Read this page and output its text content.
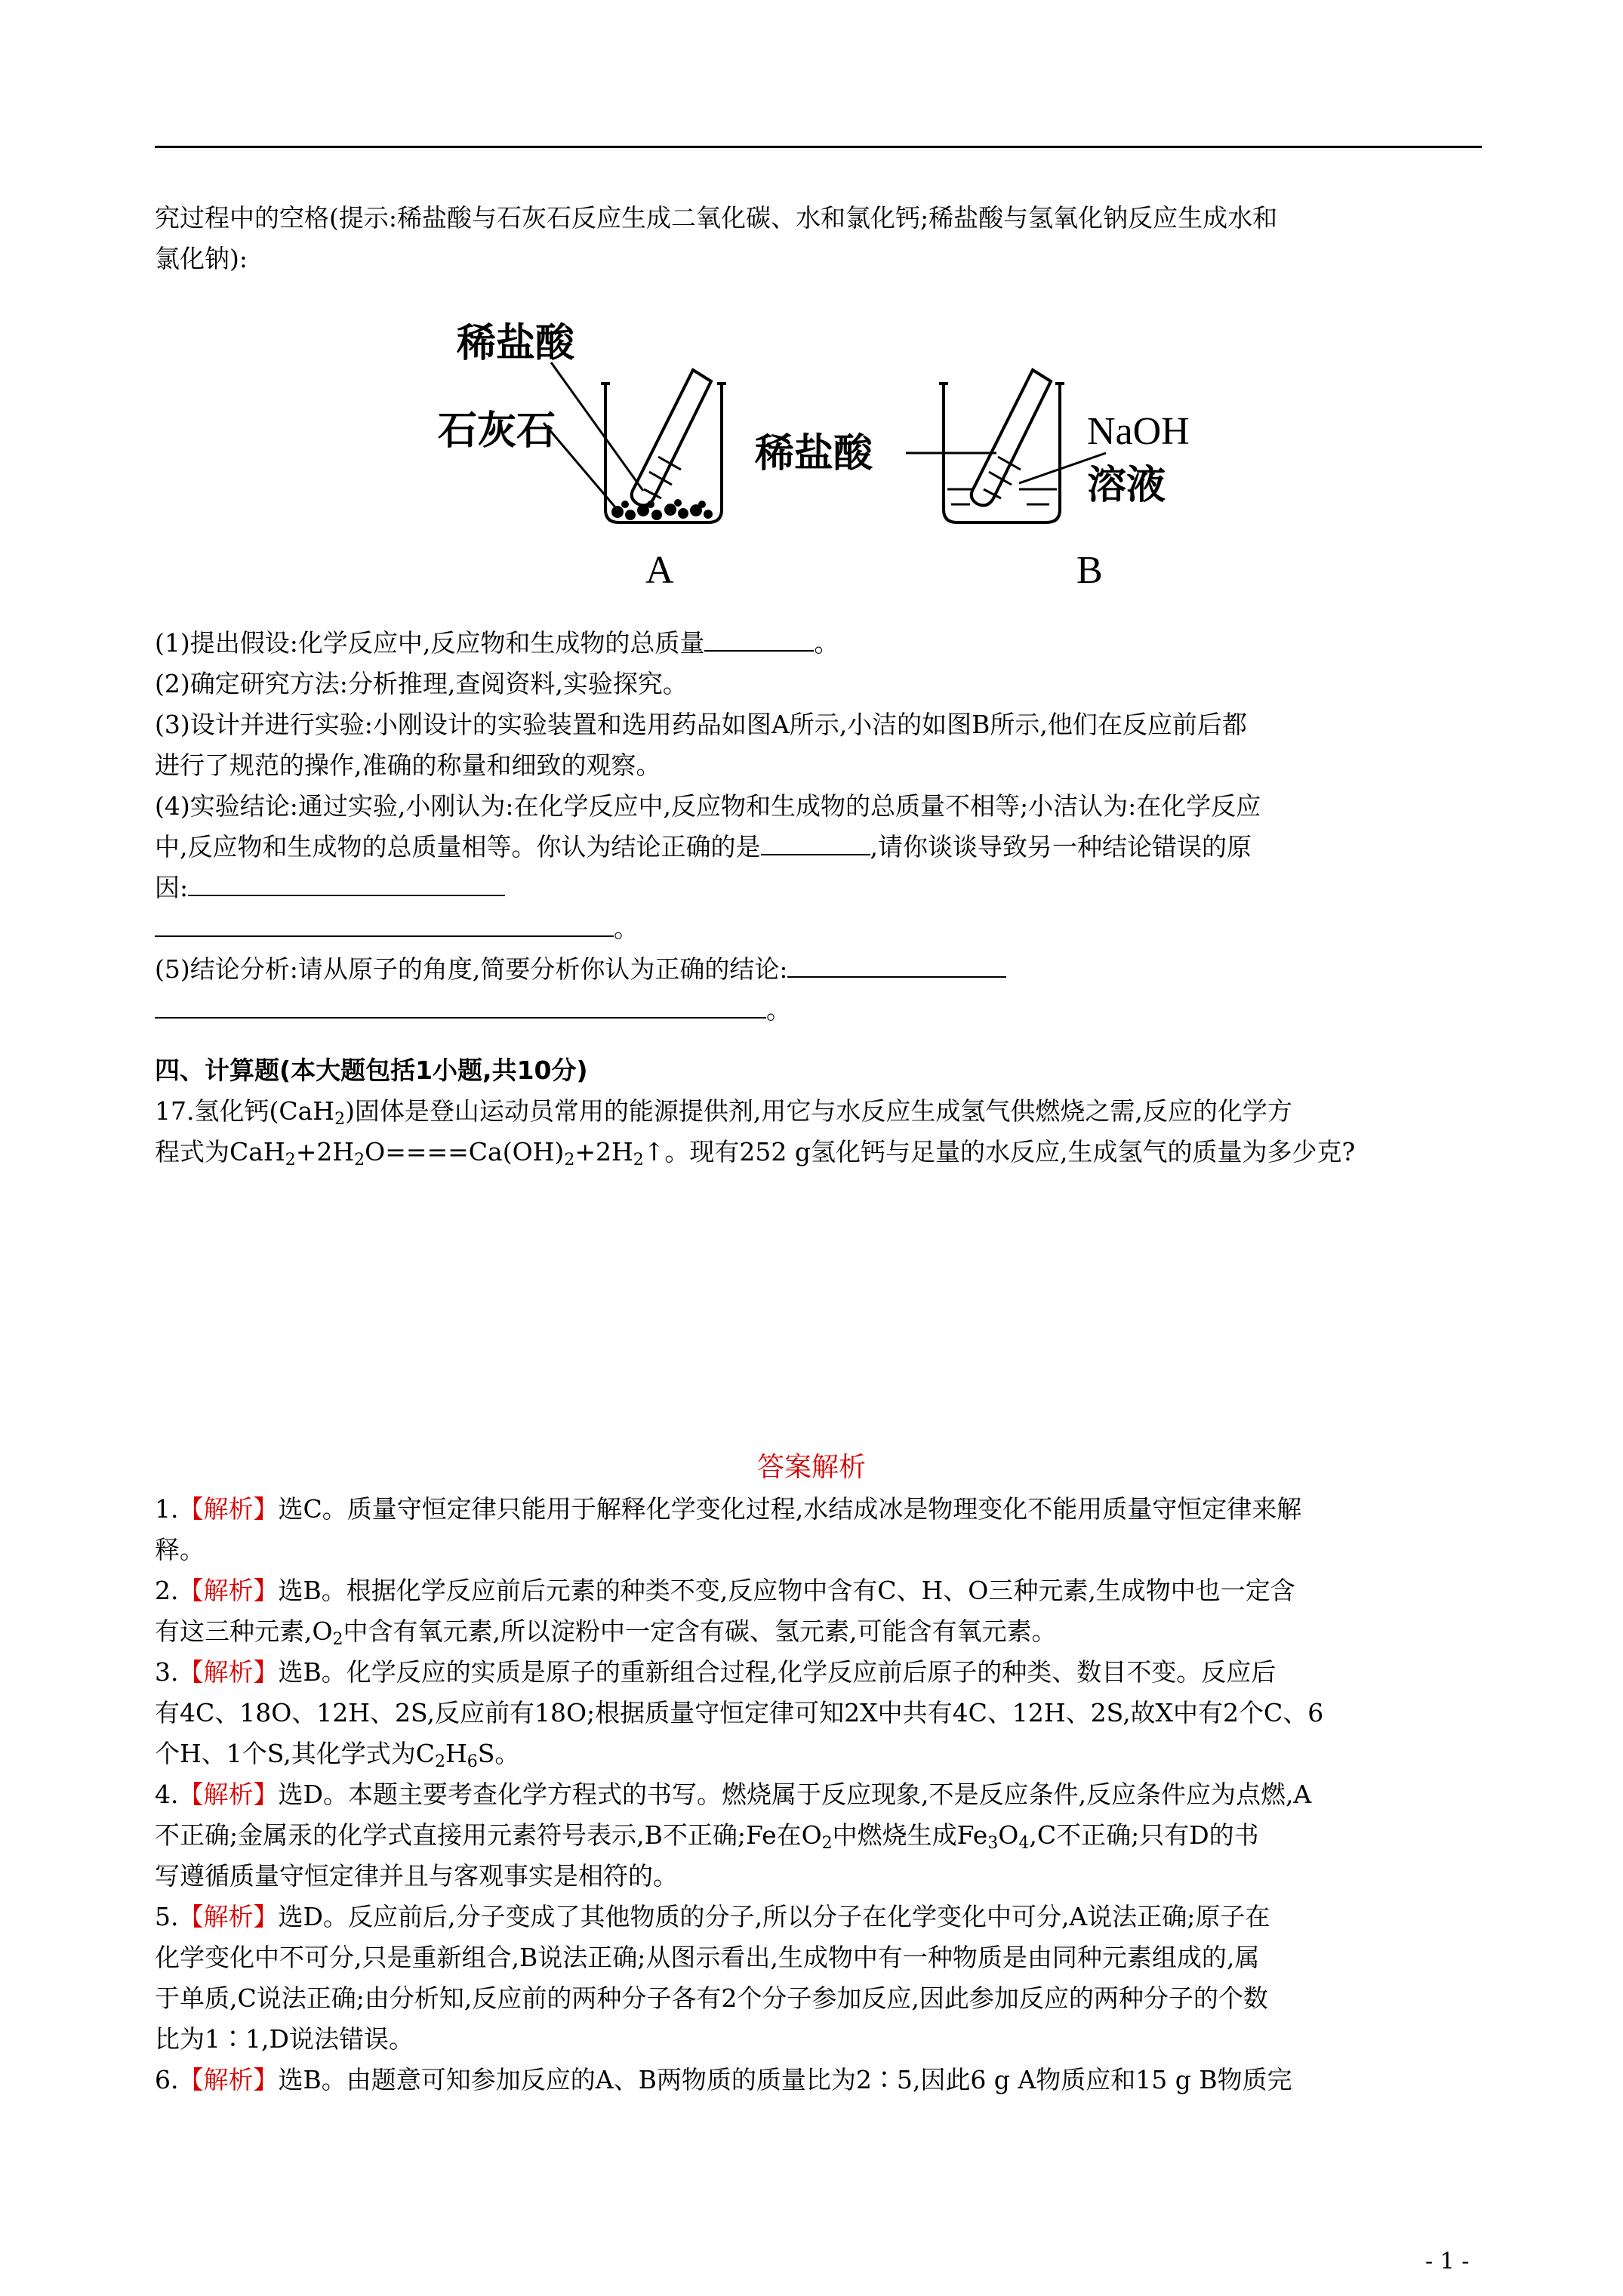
究过程中的空格(提示:稀盐酸与石灰石反应生成二氧化碳、水和氯化钙;稀盐酸与氢氧化钠反应生成水和

氯化钠):

稀盐酸
石灰石
A
稀盐酸	NaOH
溶液
B

(1)提出假设:化学反应中,反应物和生成物的总质量	。

(2)确定研究方法:分析推理,查阅资料,实验探究。

(3)设计并进行实验:小刚设计的实验装置和选用药品如图A所示,小洁的如图B所示,他们在反应前后都

进行了规范的操作,准确的称量和细致的观察。

(4)实验结论:通过实验,小刚认为:在化学反应中,反应物和生成物的总质量不相等;小洁认为:在化学反应

中,反应物和生成物的总质量相等。你认为结论正确的是	,请你谈谈导致另一种结论错误的原

因:

。

(5)结论分析:请从原子的角度,简要分析你认为正确的结论:

。

四、计算题(本大题包括1小题,共10分)

17.氢化钙(CaH$_2$)固体是登山运动员常用的能源提供剂,用它与水反应生成氢气供燃烧之需,反应的化学方

程式为$CaH_2+2H_2O====Ca(OH)_2+2H_2↑$。现有252 g氢化钙与足量的水反应,生成氢气的质量为多少克?

答案解析

1.【解析】选C。质量守恒定律只能用于解释化学变化过程,水结成冰是物理变化不能用质量守恒定律来解

释。

2.【解析】选B。根据化学反应前后元素的种类不变,反应物中含有C、H、O三种元素,生成物中也一定含

有这三种元素$,O_2$中含有氧元素,所以淀粉中一定含有碳、氢元素,可能含有氧元素。

3.【解析】选B。化学反应的实质是原子的重新组合过程,化学反应前后原子的种类、数目不变。反应后

有4C、18O、12H、2S,反应前有18O;根据质量守恒定律可知2X中共有4C、12H、2S,故X中有2个C、6

个H、1个S,其化学式为$C_2H_6S$。

4.【解析】选D。本题主要考查化学方程式的书写。燃烧属于反应现象,不是反应条件,反应条件应为点燃,A

不正确;金属汞的化学式直接用元素符号表示,B不正确;Fe在$O_2$中燃烧生成$Fe_3O_4,C$不正确;只有D的书

写遵循质量守恒定律并且与客观事实是相符的。

5.【解析】选D。反应前后,分子变成了其他物质的分子,所以分子在化学变化中可分,A说法正确;原子在

化学变化中不可分,只是重新组合,B说法正确;从图示看出,生成物中有一种物质是由同种元素组成的,属

于单质,C说法正确;由分析知,反应前的两种分子各有2个分子参加反应,因此参加反应的两种分子的个数

比为1∶1,D说法错误。

6.【解析】选B。由题意可知参加反应的A、B两物质的质量比为2∶5,因此6 g A物质应和15 g B物质完

- 1 -
